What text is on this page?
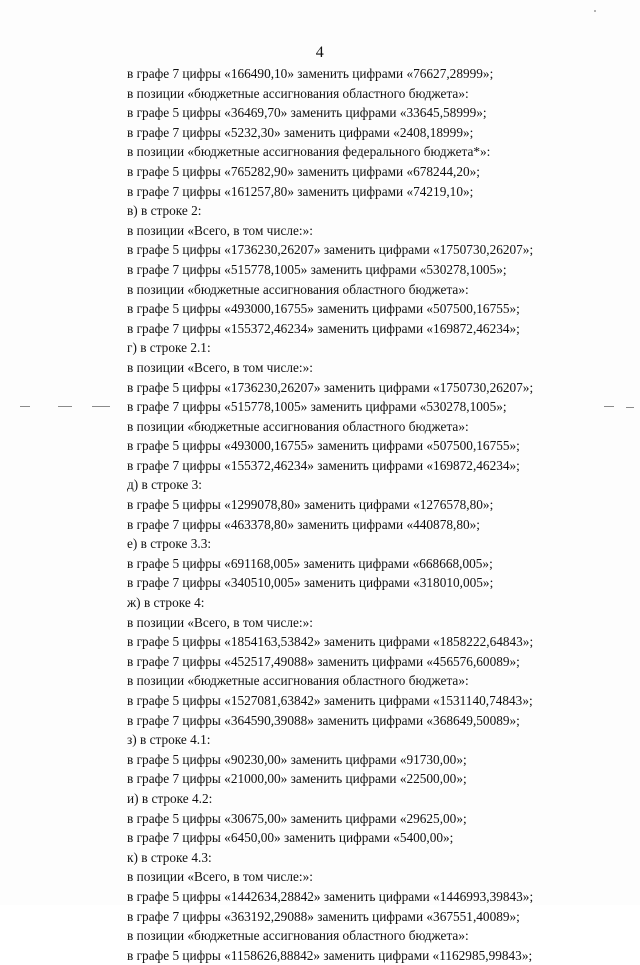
4
в графе 7 цифры «166490,10» заменить цифрами «76627,28999»;
в позиции «бюджетные ассигнования областного бюджета»:
в графе 5 цифры «36469,70» заменить цифрами «33645,58999»;
в графе 7 цифры «5232,30» заменить цифрами «2408,18999»;
в позиции «бюджетные ассигнования федерального бюджета*»:
в графе 5 цифры «765282,90» заменить цифрами «678244,20»;
в графе 7 цифры «161257,80» заменить цифрами «74219,10»;
в) в строке 2:
в позиции «Всего, в том числе:»:
в графе 5 цифры «1736230,26207» заменить цифрами «1750730,26207»;
в графе 7 цифры «515778,1005» заменить цифрами «530278,1005»;
в позиции «бюджетные ассигнования областного бюджета»:
в графе 5 цифры «493000,16755» заменить цифрами «507500,16755»;
в графе 7 цифры «155372,46234» заменить цифрами «169872,46234»;
г) в строке 2.1:
в позиции «Всего, в том числе:»:
в графе 5 цифры «1736230,26207» заменить цифрами «1750730,26207»;
в графе 7 цифры «515778,1005» заменить цифрами «530278,1005»;
в позиции «бюджетные ассигнования областного бюджета»:
в графе 5 цифры «493000,16755» заменить цифрами «507500,16755»;
в графе 7 цифры «155372,46234» заменить цифрами «169872,46234»;
д) в строке 3:
в графе 5 цифры «1299078,80» заменить цифрами «1276578,80»;
в графе 7 цифры «463378,80» заменить цифрами «440878,80»;
е) в строке 3.3:
в графе 5 цифры «691168,005» заменить цифрами «668668,005»;
в графе 7 цифры «340510,005» заменить цифрами «318010,005»;
ж) в строке 4:
в позиции «Всего, в том числе:»:
в графе 5 цифры «1854163,53842» заменить цифрами «1858222,64843»;
в графе 7 цифры «452517,49088» заменить цифрами «456576,60089»;
в позиции «бюджетные ассигнования областного бюджета»:
в графе 5 цифры «1527081,63842» заменить цифрами «1531140,74843»;
в графе 7 цифры «364590,39088» заменить цифрами «368649,50089»;
з) в строке 4.1:
в графе 5 цифры «90230,00» заменить цифрами «91730,00»;
в графе 7 цифры «21000,00» заменить цифрами «22500,00»;
и) в строке 4.2:
в графе 5 цифры «30675,00» заменить цифрами «29625,00»;
в графе 7 цифры «6450,00» заменить цифрами «5400,00»;
к) в строке 4.3:
в позиции «Всего, в том числе:»:
в графе 5 цифры «1442634,28842» заменить цифрами «1446993,39843»;
в графе 7 цифры «363192,29088» заменить цифрами «367551,40089»;
в позиции «бюджетные ассигнования областного бюджета»:
в графе 5 цифры «1158626,88842» заменить цифрами «1162985,99843»;
